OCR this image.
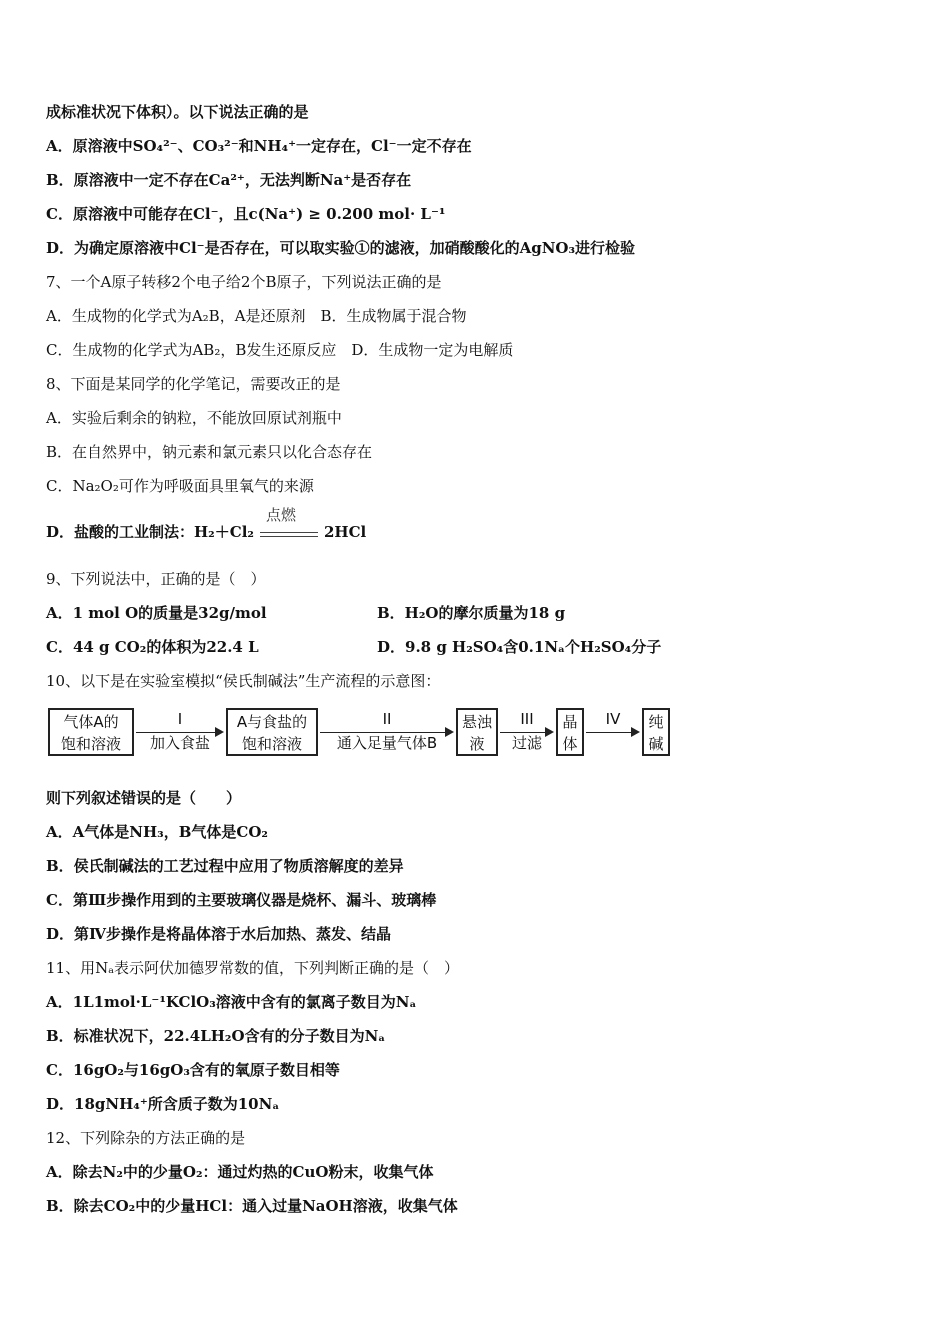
成标准状况下体积）。以下说法正确的是
A．原溶液中SO₄²⁻、CO₃²⁻和NH₄⁺一定存在，Cl⁻一定不存在
B．原溶液中一定不存在Ca²⁺，无法判断Na⁺是否存在
C．原溶液中可能存在Cl⁻，且c(Na⁺) ≥ 0.200 mol· L⁻¹
D．为确定原溶液中Cl⁻是否存在，可以取实验①的滤液，加硝酸酸化的AgNO₃进行检验
7、一个A原子转移2个电子给2个B原子，下列说法正确的是
A．生成物的化学式为A₂B，A是还原剂　B．生成物属于混合物
C．生成物的化学式为AB₂，B发生还原反应　D．生成物一定为电解质
8、下面是某同学的化学笔记，需要改正的是
A．实验后剩余的钠粒，不能放回原试剂瓶中
B．在自然界中，钠元素和氯元素只以化合态存在
C．Na₂O₂可作为呼吸面具里氧气的来源
D．盐酸的工业制法：H₂＋Cl₂
点燃
2HCl
9、下列说法中，正确的是（　）
A．1 mol O的质量是32g/mol	B．H₂O的摩尔质量为18 g
C．44 g CO₂的体积为22.4 L	D．9.8 g H₂SO₄含0.1Nₐ个H₂SO₄分子
10、以下是在实验室模拟“侯氏制碱法”生产流程的示意图：
气体A的
饱和溶液
I
加入食盐
A与食盐的
饱和溶液
II
通入足量气体B
悬浊
液
III
过滤
晶
体
IV	纯
碱
则下列叙述错误的是（　　）
A．A气体是NH₃，B气体是CO₂
B．侯氏制碱法的工艺过程中应用了物质溶解度的差异
C．第Ⅲ步操作用到的主要玻璃仪器是烧杯、漏斗、玻璃棒
D．第Ⅳ步操作是将晶体溶于水后加热、蒸发、结晶
11、用Nₐ表示阿伏加德罗常数的值，下列判断正确的是（　）
A．1L1mol·L⁻¹KClO₃溶液中含有的氯离子数目为Nₐ
B．标准状况下，22.4LH₂O含有的分子数目为Nₐ
C．16gO₂与16gO₃含有的氧原子数目相等
D．18gNH₄⁺所含质子数为10Nₐ
12、下列除杂的方法正确的是
A．除去N₂中的少量O₂：通过灼热的CuO粉末，收集气体
B．除去CO₂中的少量HCl：通入过量NaOH溶液，收集气体
